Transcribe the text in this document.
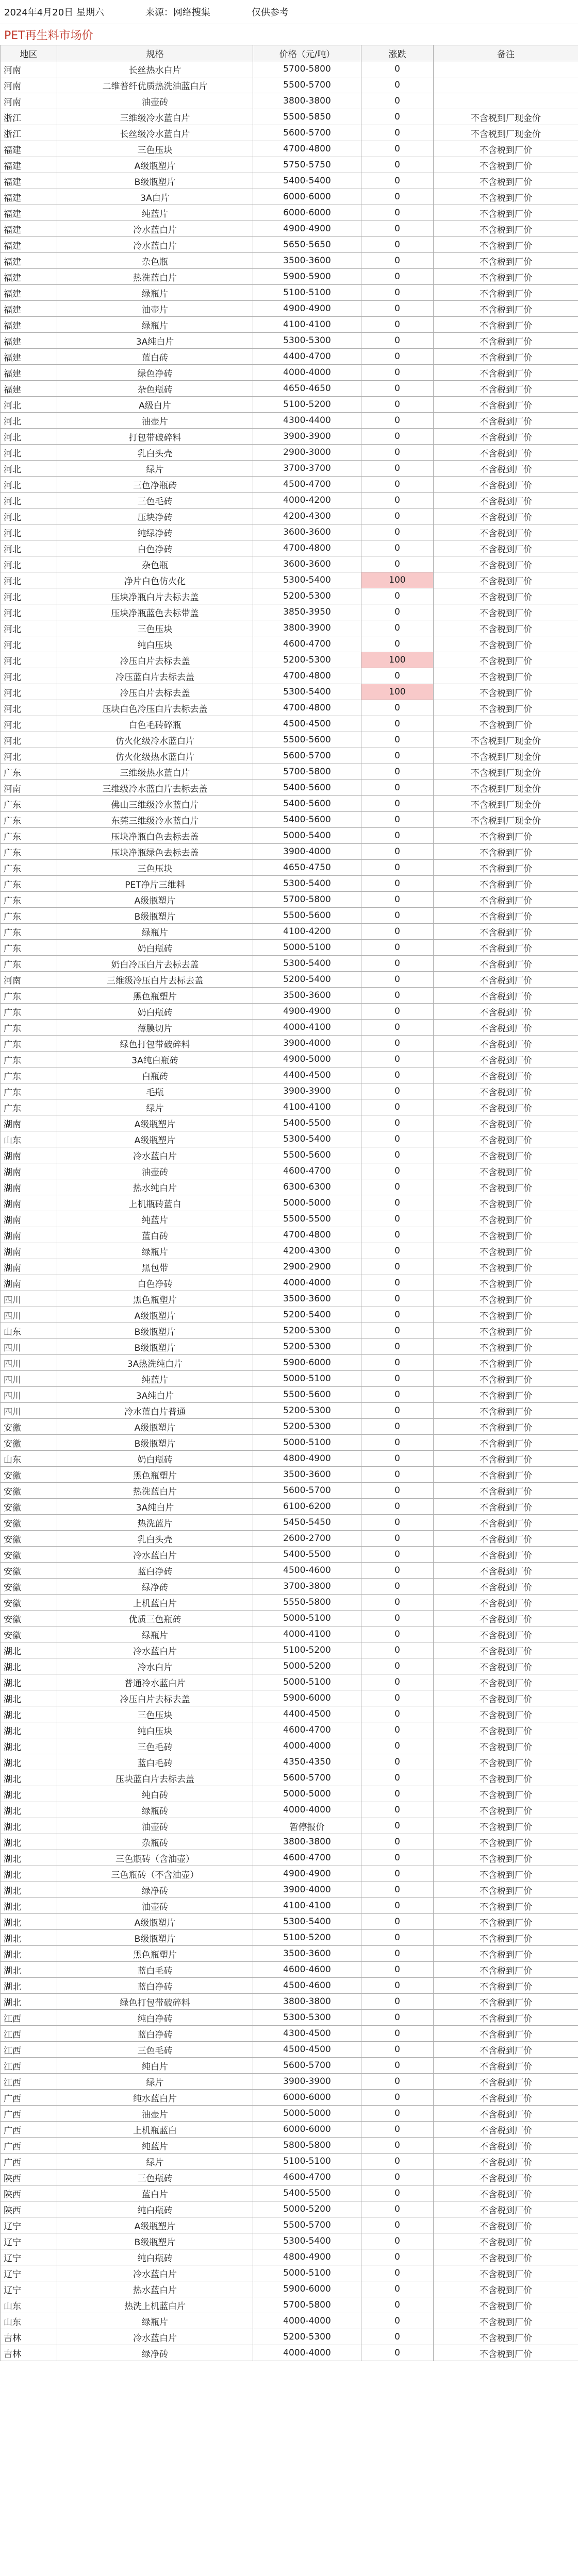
2024年4月20日 星期六	来源：网络搜集	仅供参考
PET再生料市场价
地区	规格	价格（元/吨）	涨跌	备注
河南	长丝热水白片	5700-5800	0	
河南	二维普纤优质热洗油蓝白片	5500-5700	0	
河南	油壶砖	3800-3800	0	
浙江	三维级冷水蓝白片	5500-5850	0	不含税到厂现金价
浙江	长丝级冷水蓝白片	5600-5700	0	不含税到厂现金价
福建	三色压块	4700-4800	0	不含税到厂价
福建	A级瓶塑片	5750-5750	0	不含税到厂价
福建	B级瓶塑片	5400-5400	0	不含税到厂价
福建	3A白片	6000-6000	0	不含税到厂价
福建	纯蓝片	6000-6000	0	不含税到厂价
福建	冷水蓝白片	4900-4900	0	不含税到厂价
福建	冷水蓝白片	5650-5650	0	不含税到厂价
福建	杂色瓶	3500-3600	0	不含税到厂价
福建	热洗蓝白片	5900-5900	0	不含税到厂价
福建	绿瓶片	5100-5100	0	不含税到厂价
福建	油壶片	4900-4900	0	不含税到厂价
福建	绿瓶片	4100-4100	0	不含税到厂价
福建	3A纯白片	5300-5300	0	不含税到厂价
福建	蓝白砖	4400-4700	0	不含税到厂价
福建	绿色净砖	4000-4000	0	不含税到厂价
福建	杂色瓶砖	4650-4650	0	不含税到厂价
河北	A级白片	5100-5200	0	不含税到厂价
河北	油壶片	4300-4400	0	不含税到厂价
河北	打包带破碎料	3900-3900	0	不含税到厂价
河北	乳白头壳	2900-3000	0	不含税到厂价
河北	绿片	3700-3700	0	不含税到厂价
河北	三色净瓶砖	4500-4700	0	不含税到厂价
河北	三色毛砖	4000-4200	0	不含税到厂价
河北	压块净砖	4200-4300	0	不含税到厂价
河北	纯绿净砖	3600-3600	0	不含税到厂价
河北	白色净砖	4700-4800	0	不含税到厂价
河北	杂色瓶	3600-3600	0	不含税到厂价
河北	净片白色仿火化	5300-5400	100	不含税到厂价
河北	压块净瓶白片去标去盖	5200-5300	0	不含税到厂价
河北	压块净瓶蓝色去标带盖	3850-3950	0	不含税到厂价
河北	三色压块	3800-3900	0	不含税到厂价
河北	纯白压块	4600-4700	0	不含税到厂价
河北	冷压白片去标去盖	5200-5300	100	不含税到厂价
河北	冷压蓝白片去标去盖	4700-4800	0	不含税到厂价
河北	冷压白片去标去盖	5300-5400	100	不含税到厂价
河北	压块白色冷压白片去标去盖	4700-4800	0	不含税到厂价
河北	白色毛砖碎瓶	4500-4500	0	不含税到厂价
河北	仿火化级冷水蓝白片	5500-5600	0	不含税到厂现金价
河北	仿火化级热水蓝白片	5600-5700	0	不含税到厂现金价
广东	三维级热水蓝白片	5700-5800	0	不含税到厂现金价
河南	三维级冷水蓝白片去标去盖	5400-5600	0	不含税到厂现金价
广东	佛山三维级冷水蓝白片	5400-5600	0	不含税到厂现金价
广东	东莞三维级冷水蓝白片	5400-5600	0	不含税到厂现金价
广东	压块净瓶白色去标去盖	5000-5400	0	不含税到厂价
广东	压块净瓶绿色去标去盖	3900-4000	0	不含税到厂价
广东	三色压块	4650-4750	0	不含税到厂价
广东	PET净片三维料	5300-5400	0	不含税到厂价
广东	A级瓶塑片	5700-5800	0	不含税到厂价
广东	B级瓶塑片	5500-5600	0	不含税到厂价
广东	绿瓶片	4100-4200	0	不含税到厂价
广东	奶白瓶砖	5000-5100	0	不含税到厂价
广东	奶白冷压白片去标去盖	5300-5400	0	不含税到厂价
河南	三维级冷压白片去标去盖	5200-5400	0	不含税到厂价
广东	黑色瓶塑片	3500-3600	0	不含税到厂价
广东	奶白瓶砖	4900-4900	0	不含税到厂价
广东	薄膜切片	4000-4100	0	不含税到厂价
广东	绿色打包带破碎料	3900-4000	0	不含税到厂价
广东	3A纯白瓶砖	4900-5000	0	不含税到厂价
广东	白瓶砖	4400-4500	0	不含税到厂价
广东	毛瓶	3900-3900	0	不含税到厂价
广东	绿片	4100-4100	0	不含税到厂价
湖南	A级瓶塑片	5400-5500	0	不含税到厂价
山东	A级瓶塑片	5300-5400	0	不含税到厂价
湖南	冷水蓝白片	5500-5600	0	不含税到厂价
湖南	油壶砖	4600-4700	0	不含税到厂价
湖南	热水纯白片	6300-6300	0	不含税到厂价
湖南	上机瓶砖蓝白	5000-5000	0	不含税到厂价
湖南	纯蓝片	5500-5500	0	不含税到厂价
湖南	蓝白砖	4700-4800	0	不含税到厂价
湖南	绿瓶片	4200-4300	0	不含税到厂价
湖南	黑包带	2900-2900	0	不含税到厂价
湖南	白色净砖	4000-4000	0	不含税到厂价
四川	黑色瓶塑片	3500-3600	0	不含税到厂价
四川	A级瓶塑片	5200-5400	0	不含税到厂价
山东	B级瓶塑片	5200-5300	0	不含税到厂价
四川	B级瓶塑片	5200-5300	0	不含税到厂价
四川	3A热洗纯白片	5900-6000	0	不含税到厂价
四川	纯蓝片	5000-5100	0	不含税到厂价
四川	3A纯白片	5500-5600	0	不含税到厂价
四川	冷水蓝白片普通	5200-5300	0	不含税到厂价
安徽	A级瓶塑片	5200-5300	0	不含税到厂价
安徽	B级瓶塑片	5000-5100	0	不含税到厂价
山东	奶白瓶砖	4800-4900	0	不含税到厂价
安徽	黑色瓶塑片	3500-3600	0	不含税到厂价
安徽	热洗蓝白片	5600-5700	0	不含税到厂价
安徽	3A纯白片	6100-6200	0	不含税到厂价
安徽	热洗蓝片	5450-5450	0	不含税到厂价
安徽	乳白头壳	2600-2700	0	不含税到厂价
安徽	冷水蓝白片	5400-5500	0	不含税到厂价
安徽	蓝白净砖	4500-4600	0	不含税到厂价
安徽	绿净砖	3700-3800	0	不含税到厂价
安徽	上机蓝白片	5550-5800	0	不含税到厂价
安徽	优质三色瓶砖	5000-5100	0	不含税到厂价
安徽	绿瓶片	4000-4100	0	不含税到厂价
湖北	冷水蓝白片	5100-5200	0	不含税到厂价
湖北	冷水白片	5000-5200	0	不含税到厂价
湖北	普通冷水蓝白片	5000-5100	0	不含税到厂价
湖北	冷压白片去标去盖	5900-6000	0	不含税到厂价
湖北	三色压块	4400-4500	0	不含税到厂价
湖北	纯白压块	4600-4700	0	不含税到厂价
湖北	三色毛砖	4000-4000	0	不含税到厂价
湖北	蓝白毛砖	4350-4350	0	不含税到厂价
湖北	压块蓝白片去标去盖	5600-5700	0	不含税到厂价
湖北	纯白砖	5000-5000	0	不含税到厂价
湖北	绿瓶砖	4000-4000	0	不含税到厂价
湖北	油壶砖	暂停报价	0	不含税到厂价
湖北	杂瓶砖	3800-3800	0	不含税到厂价
湖北	三色瓶砖（含油壶）	4600-4700	0	不含税到厂价
湖北	三色瓶砖（不含油壶）	4900-4900	0	不含税到厂价
湖北	绿净砖	3900-4000	0	不含税到厂价
湖北	油壶砖	4100-4100	0	不含税到厂价
湖北	A级瓶塑片	5300-5400	0	不含税到厂价
湖北	B级瓶塑片	5100-5200	0	不含税到厂价
湖北	黑色瓶塑片	3500-3600	0	不含税到厂价
湖北	蓝白毛砖	4600-4600	0	不含税到厂价
湖北	蓝白净砖	4500-4600	0	不含税到厂价
湖北	绿色打包带破碎料	3800-3800	0	不含税到厂价
江西	纯白净砖	5300-5300	0	不含税到厂价
江西	蓝白净砖	4300-4500	0	不含税到厂价
江西	三色毛砖	4500-4500	0	不含税到厂价
江西	纯白片	5600-5700	0	不含税到厂价
江西	绿片	3900-3900	0	不含税到厂价
广西	纯水蓝白片	6000-6000	0	不含税到厂价
广西	油壶片	5000-5000	0	不含税到厂价
广西	上机瓶蓝白	6000-6000	0	不含税到厂价
广西	纯蓝片	5800-5800	0	不含税到厂价
广西	绿片	5100-5100	0	不含税到厂价
陕西	三色瓶砖	4600-4700	0	不含税到厂价
陕西	蓝白片	5400-5500	0	不含税到厂价
陕西	纯白瓶砖	5000-5200	0	不含税到厂价
辽宁	A级瓶塑片	5500-5700	0	不含税到厂价
辽宁	B级瓶塑片	5300-5400	0	不含税到厂价
辽宁	纯白瓶砖	4800-4900	0	不含税到厂价
辽宁	冷水蓝白片	5000-5100	0	不含税到厂价
辽宁	热水蓝白片	5900-6000	0	不含税到厂价
山东	热洗上机蓝白片	5700-5800	0	不含税到厂价
山东	绿瓶片	4000-4000	0	不含税到厂价
吉林	冷水蓝白片	5200-5300	0	不含税到厂价
吉林	绿净砖	4000-4000	0	不含税到厂价
